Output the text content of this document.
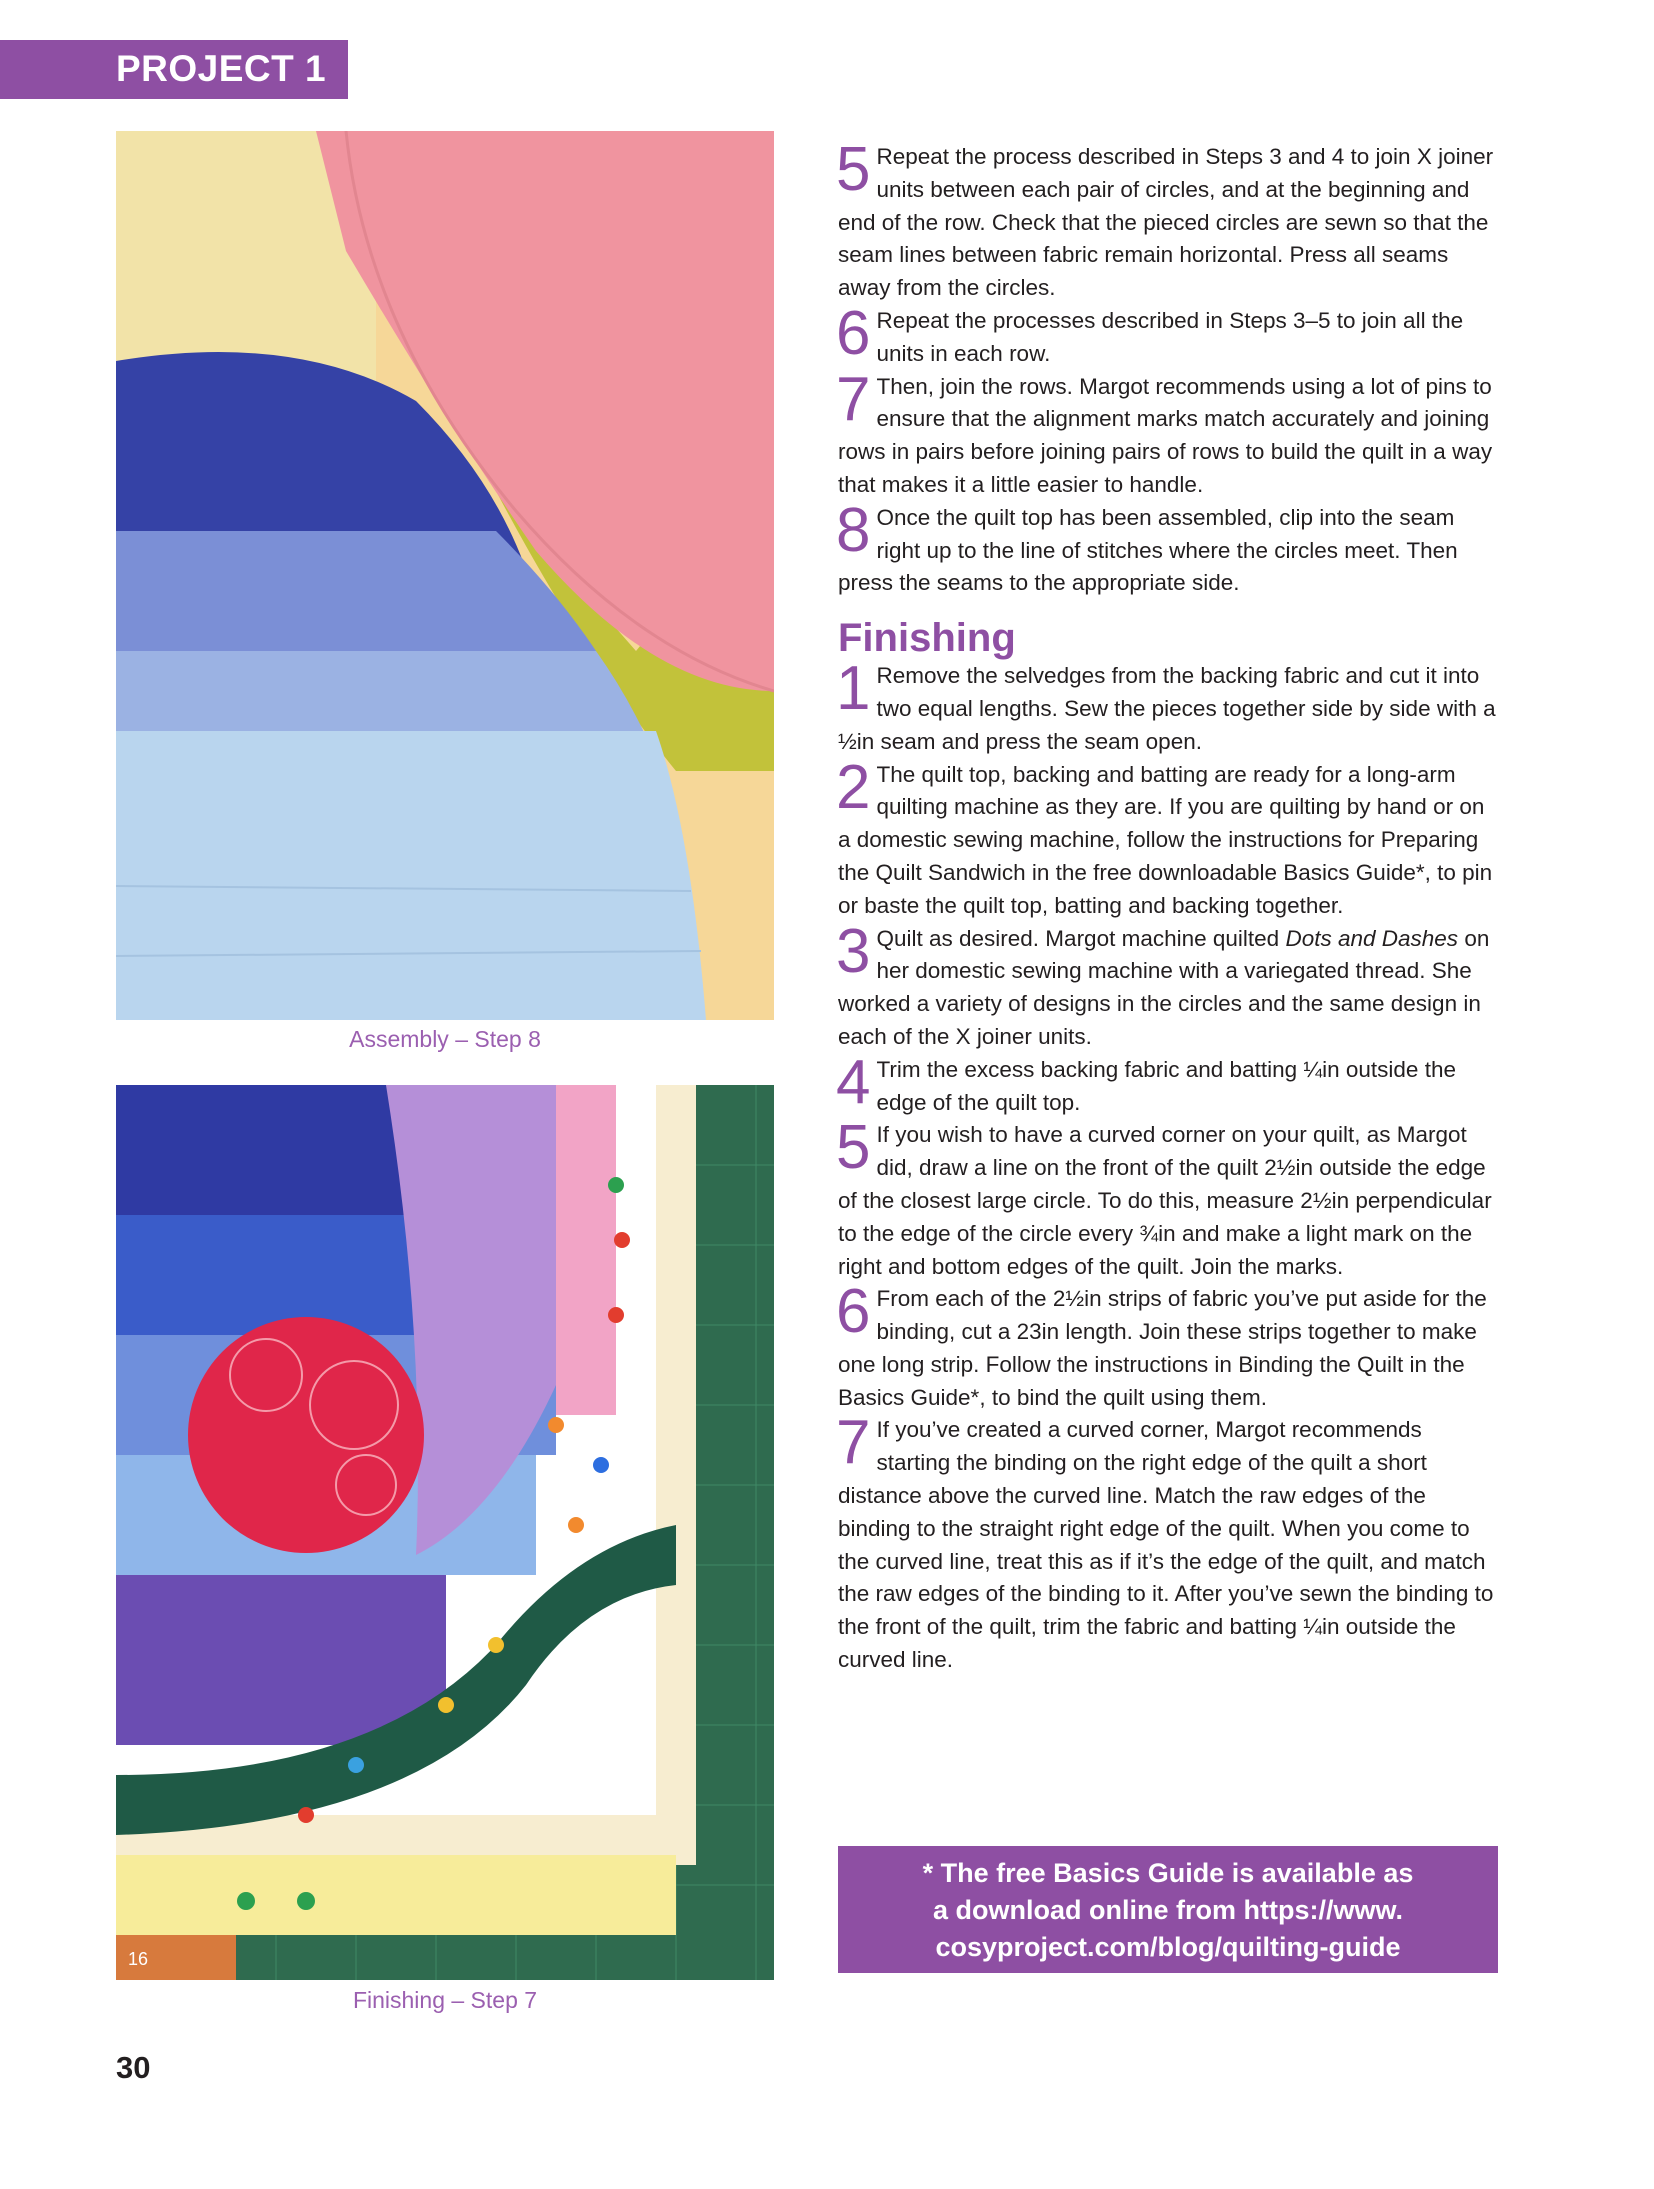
PROJECT 1
Assembly – Step 8
16
Finishing – Step 7
5 Repeat the process described in Steps 3 and 4 to join X joiner units between each pair of circles, and at the beginning and end of the row. Check that the pieced circles are sewn so that the seam lines between fabric remain horizontal. Press all seams away from the circles.

6 Repeat the processes described in Steps 3–5 to join all the units in each row.

7 Then, join the rows. Margot recommends using a lot of pins to ensure that the alignment marks match accurately and joining rows in pairs before joining pairs of rows to build the quilt in a way that makes it a little easier to handle.

8 Once the quilt top has been assembled, clip into the seam right up to the line of stitches where the circles meet. Then press the seams to the appropriate side.

Finishing
1 Remove the selvedges from the backing fabric and cut it into two equal lengths. Sew the pieces together side by side with a ½in seam and press the seam open.

2 The quilt top, backing and batting are ready for a long-arm quilting machine as they are. If you are quilting by hand or on a domestic sewing machine, follow the instructions for Preparing the Quilt Sandwich in the free downloadable Basics Guide*, to pin or baste the quilt top, batting and backing together.

3 Quilt as desired. Margot machine quilted Dots and Dashes on her domestic sewing machine with a variegated thread. She worked a variety of designs in the circles and the same design in each of the X joiner units.

4 Trim the excess backing fabric and batting ¼in outside the edge of the quilt top.

5 If you wish to have a curved corner on your quilt, as Margot did, draw a line on the front of the quilt 2½in outside the edge of the closest large circle. To do this, measure 2½in perpendicular to the edge of the circle every ¾in and make a light mark on the right and bottom edges of the quilt. Join the marks.

6 From each of the 2½in strips of fabric you’ve put aside for the binding, cut a 23in length. Join these strips together to make one long strip. Follow the instructions in Binding the Quilt in the Basics Guide*, to bind the quilt using them.

7 If you’ve created a curved corner, Margot recommends starting the binding on the right edge of the quilt a short distance above the curved line. Match the raw edges of the binding to the straight right edge of the quilt. When you come to the curved line, treat this as if it’s the edge of the quilt, and match the raw edges of the binding to it. After you’ve sewn the binding to the front of the quilt, trim the fabric and batting ¼in outside the curved line.

* The free Basics Guide is available as
a download online from https://www.
cosyproject.com/blog/quilting-guide
30
